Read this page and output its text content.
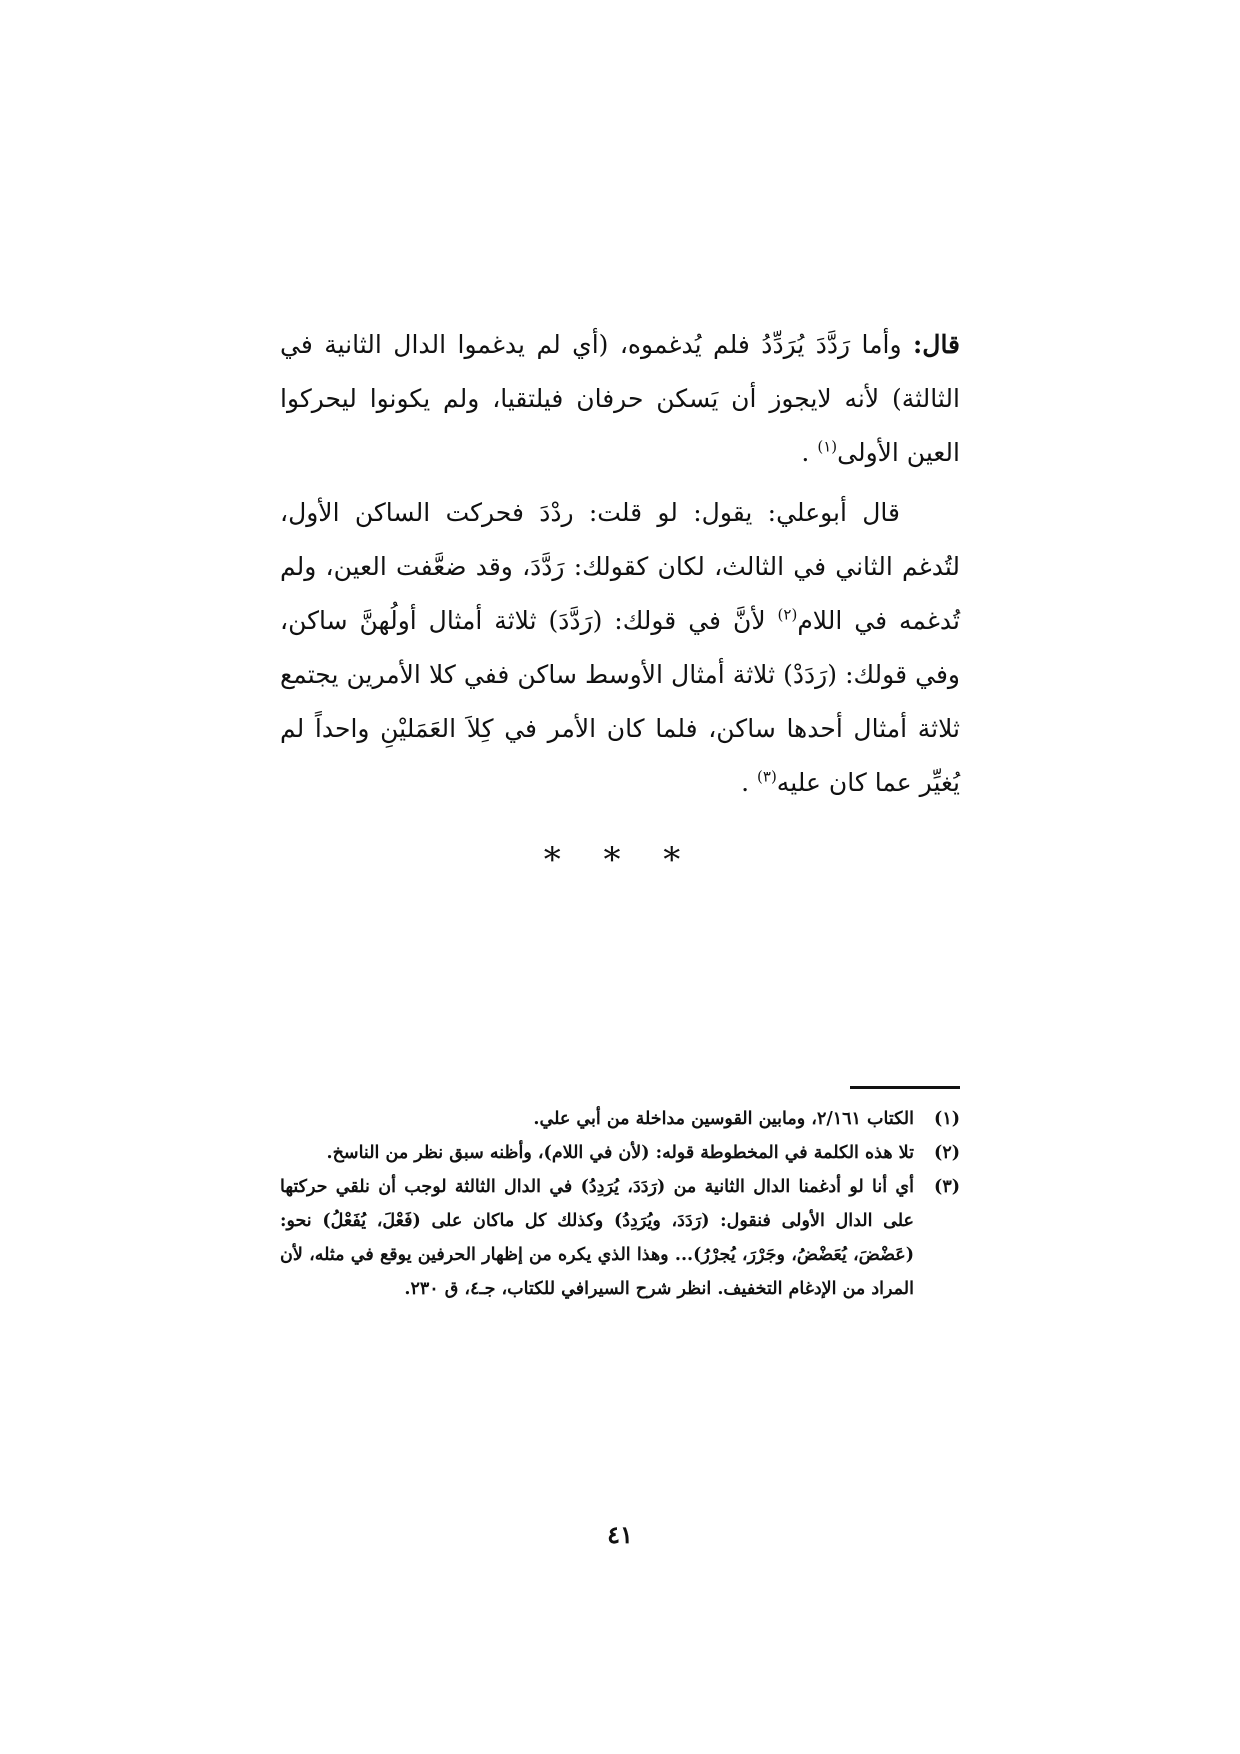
قال: وأما رَدَّدَ يُرَدِّدُ فلم يُدغموه، (أي لم يدغموا الدال الثانية في الثالثة) لأنه لايجوز أن يَسكن حرفان فيلتقيا، ولم يكونوا ليحركوا العين الأولى$^{(١)}$ .

قال أبوعلي: يقول: لو قلت: ردْدَ فحركت الساكن الأول، لتُدغم الثاني في الثالث، لكان كقولك: رَدَّدَ، وقد ضعَّفت العين، ولم تُدغمه في اللام$^{(٢)}$ لأنَّ في قولك: (رَدَّدَ) ثلاثة أمثال أولُهنَّ ساكن، وفي قولك: (رَدَدْ) ثلاثة أمثال الأوسط ساكن ففي كلا الأمرين يجتمع ثلاثة أمثال أحدها ساكن، فلما كان الأمر في كِلاَ العَمَليْنِ واحداً لم يُغيِّر عما كان عليه$^{(٣)}$ .

* * *
(١)
الكتاب ٢/١٦١، ومابين القوسين مداخلة من أبي علي.
(٢)
تلا هذه الكلمة في المخطوطة قوله: (لأن في اللام)، وأظنه سبق نظر من الناسخ.
(٣)
أي أنا لو أدغمنا الدال الثانية من (رَدَدَ، يُرَدِدُ) في الدال الثالثة لوجب أن نلقي حركتها على الدال الأولى فنقول: (رَدَدَ، ويُرَدِدُ) وكذلك كل ماكان على (فَعْلَ، يُفَعْلُ) نحو: (عَضْضَ، يُعَضْضُ، وجَرْرَ، يُجرْرُ)... وهذا الذي يكره من إظهار الحرفين يوقع في مثله، لأن المراد من الإدغام التخفيف. انظر شرح السيرافي للكتاب، جـ٤، ق ٢٣٠.
٤١
